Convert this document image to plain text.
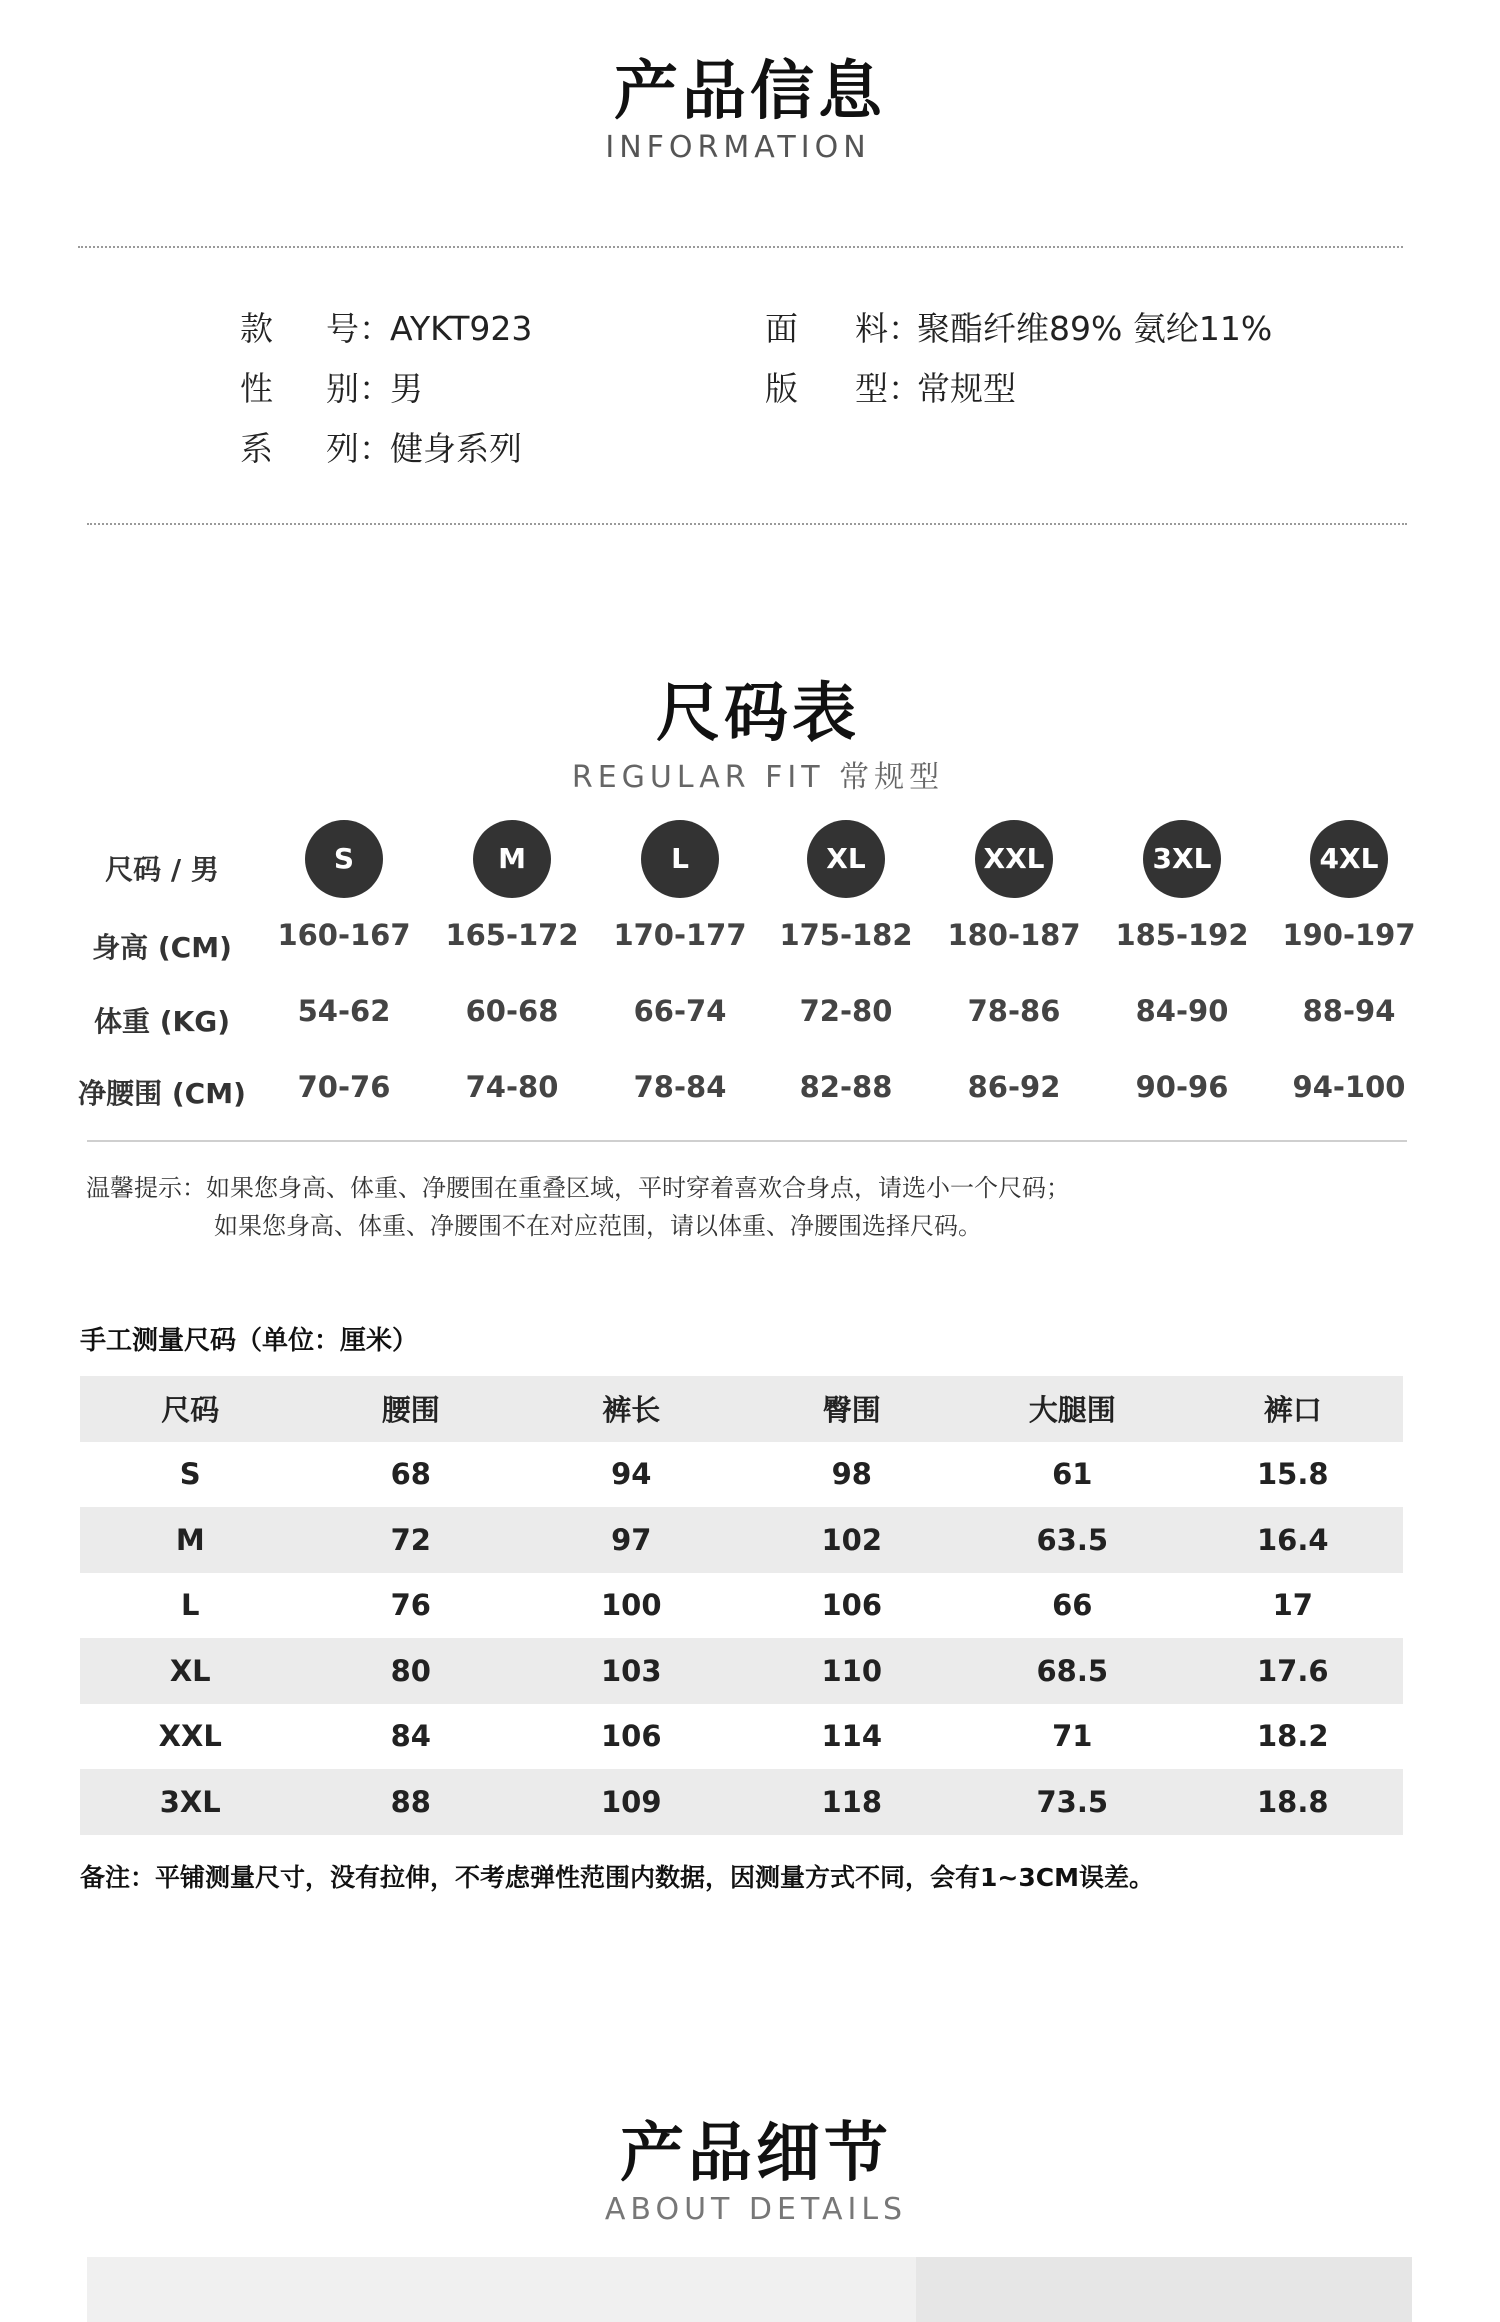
产品信息
INFORMATION
款 号：AYKT923
性 别：男
系 列：健身系列
面 料：聚酯纤维89% 氨纶11%
版 型：常规型
尺码表
REGULAR FIT 常规型
尺码 / 男	S	M	L	XL	XXL	3XL	4XL
身高 (CM)	160-167	165-172	170-177	175-182	180-187	185-192	190-197
体重 (KG)	54-62	60-68	66-74	72-80	78-86	84-90	88-94
净腰围 (CM)	70-76	74-80	78-84	82-88	86-92	90-96	94-100
温馨提示：如果您身高、体重、净腰围在重叠区域，平时穿着喜欢合身点，请选小一个尺码；
如果您身高、体重、净腰围不在对应范围，请以体重、净腰围选择尺码。
手工测量尺码（单位：厘米）
尺码	腰围	裤长	臀围	大腿围	裤口
S	68	94	98	61	15.8
M	72	97	102	63.5	16.4
L	76	100	106	66	17
XL	80	103	110	68.5	17.6
XXL	84	106	114	71	18.2
3XL	88	109	118	73.5	18.8
备注：平铺测量尺寸，没有拉伸，不考虑弹性范围内数据，因测量方式不同，会有1~3CM误差。
产品细节
ABOUT DETAILS
